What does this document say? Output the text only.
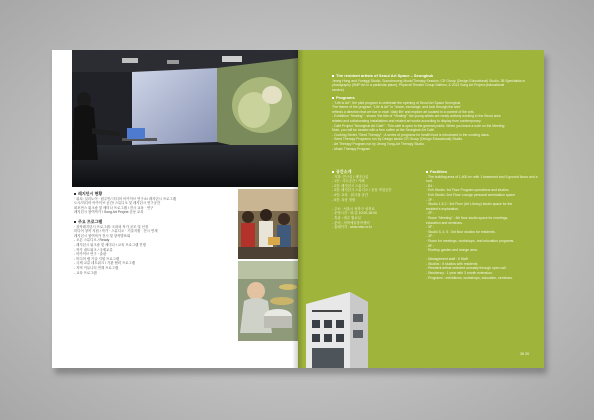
레지던시 현황
· 위치: 일리노이 · 원주민/ 미디어 아카이브 연구소/ 레지던시 프로그램
도시/미디어 아카이브 공간/ 스튜디오 및 레지던시 연구공간
퍼포먼스 워크숍 및 세미나 프로그램 / 전시 교육 · 연구
레지던시 참여작가 / Song Art Project 공동 교육
주요 프로그램
· 창작레지던시 프로그램: 국내외 작가 공모 및 선정
미디어 창작 지원 / 작가 · 스튜디오 · 기술지원 · 전시 연계
레지던시 참여작가 전시 및 창작발표회
- 오픈 스튜디오 / Ready
- 레지던시 워크숍 및 세미나 / 교육 프로그램 진행
- 작가 네트워크 / 국제교류
- 아카이브 연구 · 출판
- 미디어 랩 기술 지원 프로그램
- 국제 교류 네트워크 / 기관 협력 프로그램
- 지역 커뮤니티 연계 프로그램
- 교육 프로그램
The resident artists of Seoul Art Space – Seongbuk
Jeong Hong and Yumiggi Studio, Soundmoong Music/Therapy Session, CR Group (Design Educational) Studio, 38 Specialists in
photography (HMP Art in a particular place), Physical Theater Group Saltimo, & 2013 Song Art Project (educational
service)
Programs
- "Life is Art": the pilot program to celebrate the opening of Seoul Art Space Seongbuk
The theme of the program, "Life is Art" to "share, exchange, and look through the arts"
reflects a direction that we live in each 'daily life' and explore art located in a context of the arts.
- Exhibition "Healing" : shows 'the title of "Healing"' the young artists are newly actively working in the Seoul area
related and collaborating installations and related art works according to display from contemporary.
- Café Project "Seongbuk Art Café" : This café is open to the general public. When you leave a note on the Meeting
Note, you will be treated with a free coffee at the Seongbuk Art Café.
- Cooking Series "Seed Therapy" : A series of programs for health food is introduced in the cooking class.
- Seed Therapy Programs run by Design studio CR Group (Design Educational) Studio.
- Art Therapy Program run by Jeong Yong-Art Therapy Studio.
- Music Therapy Program
공간소개
- 지하: 전시실 / 세미나실
- 1층 : 사무공간 / 카페
- 2층: 레지던시 스튜디오
- 3층: 레지던시 스튜디오 / 공동 작업공간
- 4층: 교육 · 워크숍 공간
- 5층: 옥상 정원

- 주소 : 서울시 성북구 성북로
- 운영시간 : 화-일 10:00-18:00
- 휴관 : 매주 월요일
- 문의 : 성북예술창작센터
- 홈페이지 : www.sfac.or.kr
Facilities
- The building area of 1,600 m² with 1 basement and 5 ground floors and a
roof.
- B1 :
· Exh Studio: 1st Floor Program operations and studios
· Exh Studio: 2nd Floor Lounge personal workstation space
- 1F :
· Studio 1 & 2 : 3rd Floor (Art Library) studio space for the
resident's exploration.
- 2F :
· Room "Meeting" : 4th floor studio space for meetings,
education and seminars.
- 3F :
· Studio 3, 4, 5 : 3rd floor studios for residents.
- 4F :
· Room for meetings, workshops, and education programs.
- 5F :
· Rooftop garden and lounge area.

- Management staff : 6 Staff
- Studios : 8 studios with residents
- Resident artists selected annually through open call.
- Residency : 1 year with 3 month extension.
- Programs : exhibitions, workshops, education, seminars.
38 39
